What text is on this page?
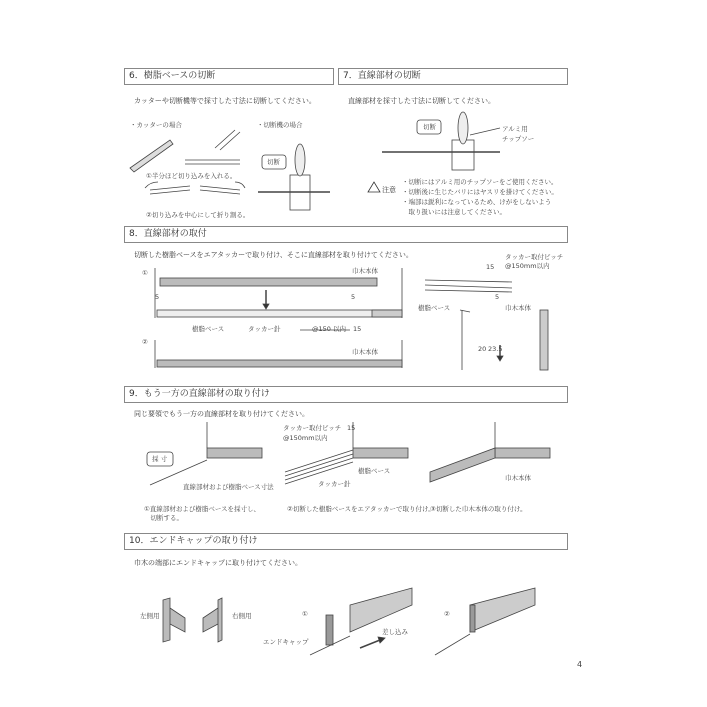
6．樹脂ベースの切断	7．直線部材の切断
カッターや切断機等で採寸した寸法に切断してください。	直線部材を採寸した寸法に切断してください。
・カッターの場合	・切断機の場合
①半分ほど切り込みを入れる。
②切り込みを中心にして折り割る。
切断
切断	アルミ用
チップソー
注意
・切断にはアルミ用のチップソーをご使用ください。
・切断後に生じたバリにはヤスリを掛けてください。
・端部は鋭利になっているため、けがをしないよう
　取り扱いには注意してください。
8．直線部材の取付
切断した樹脂ベースをエアタッカーで取り付け、そこに直線部材を取り付けてください。
①
②
巾木本体
巾木本体
5	5
樹脂ベース	タッカー針	@150 以内 15
タッカー取付ピッチ
@150mm以内
15
5
樹脂ベース	巾木本体
20 23.5
9．もう一方の直線部材の取り付け
同じ要領でもう一方の直線部材を取り付けてください。
採 寸
直線部材および樹脂ベース寸法
タッカー取付ピッチ
@150mm以内
15
樹脂ベース
タッカー針
巾木本体
①直線部材および樹脂ベースを採寸し、
　切断する。
②切断した樹脂ベースをエアタッカーで取り付け。
③切断した巾木本体の取り付け。
10．エンドキャップの取り付け
巾木の端部にエンドキャップに取り付けてください。
左側用	右側用	①	②
エンドキャップ
差し込み
4
